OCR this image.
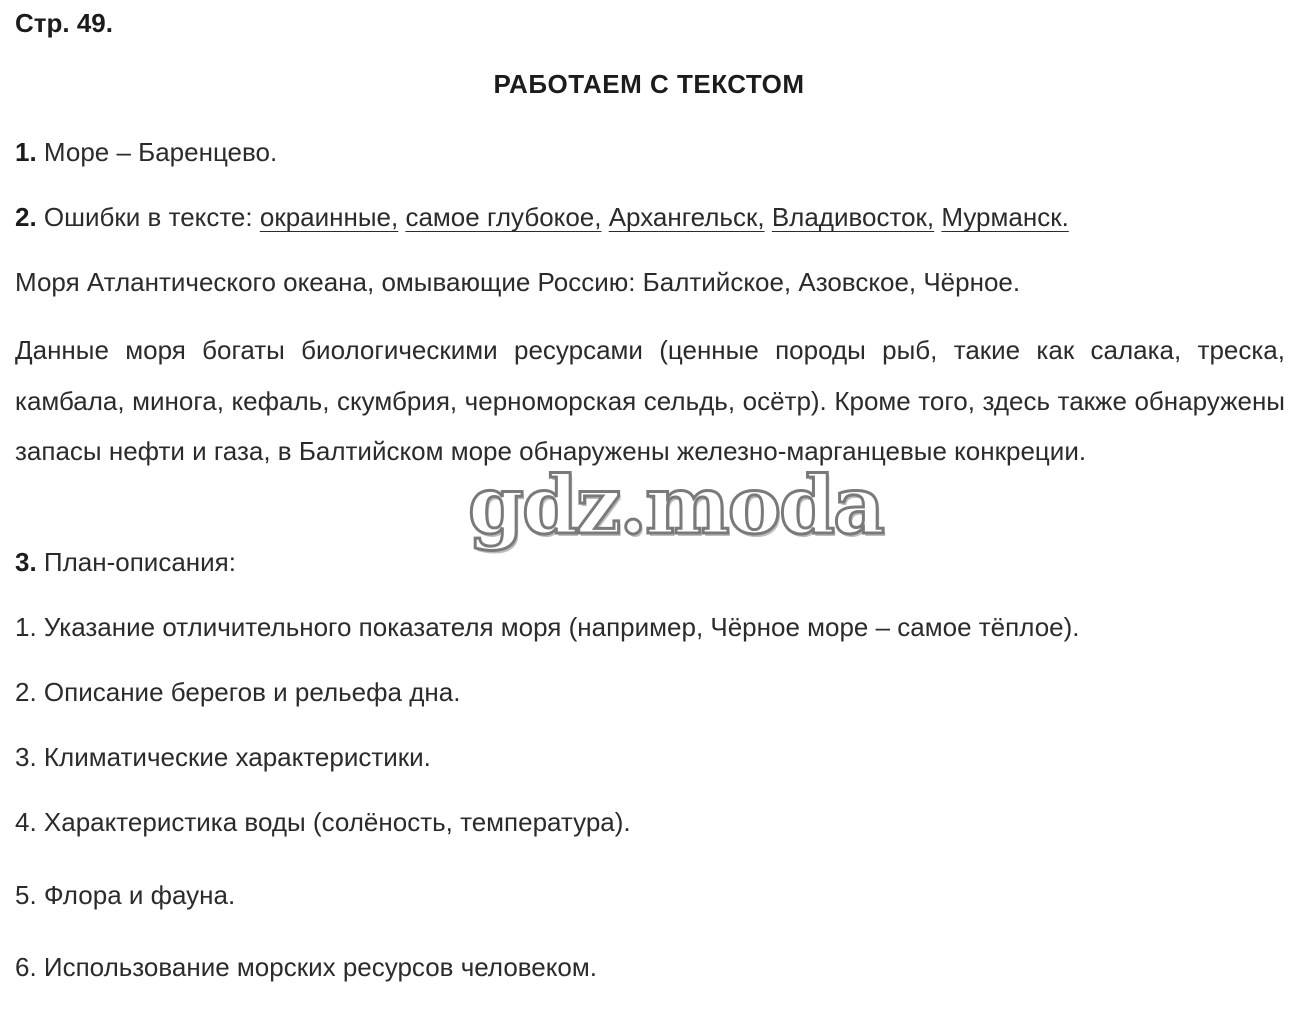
Стр. 49.
РАБОТАЕМ С ТЕКСТОМ
1. Море – Баренцево.
2. Ошибки в тексте: окраинные, самое глубокое, Архангельск, Владивосток, Мурманск.
Моря Атлантического океана, омывающие Россию: Балтийское, Азовское, Чёрное.

Данные моря богаты биологическими ресурсами (ценные породы рыб, такие как салака, треска, камбала, минога, кефаль, скумбрия, черноморская сельдь, осётр). Кроме того, здесь также обнаружены запасы нефти и газа, в Балтийском море обнаружены железно-марганцевые конкреции.

3. План-описания:
1. Указание отличительного показателя моря (например, Чёрное море – самое тёплое).
2. Описание берегов и рельефа дна.
3. Климатические характеристики.
4. Характеристика воды (солёность, температура).
5. Флора и фауна.
6. Использование морских ресурсов человеком.
gdz.moda
